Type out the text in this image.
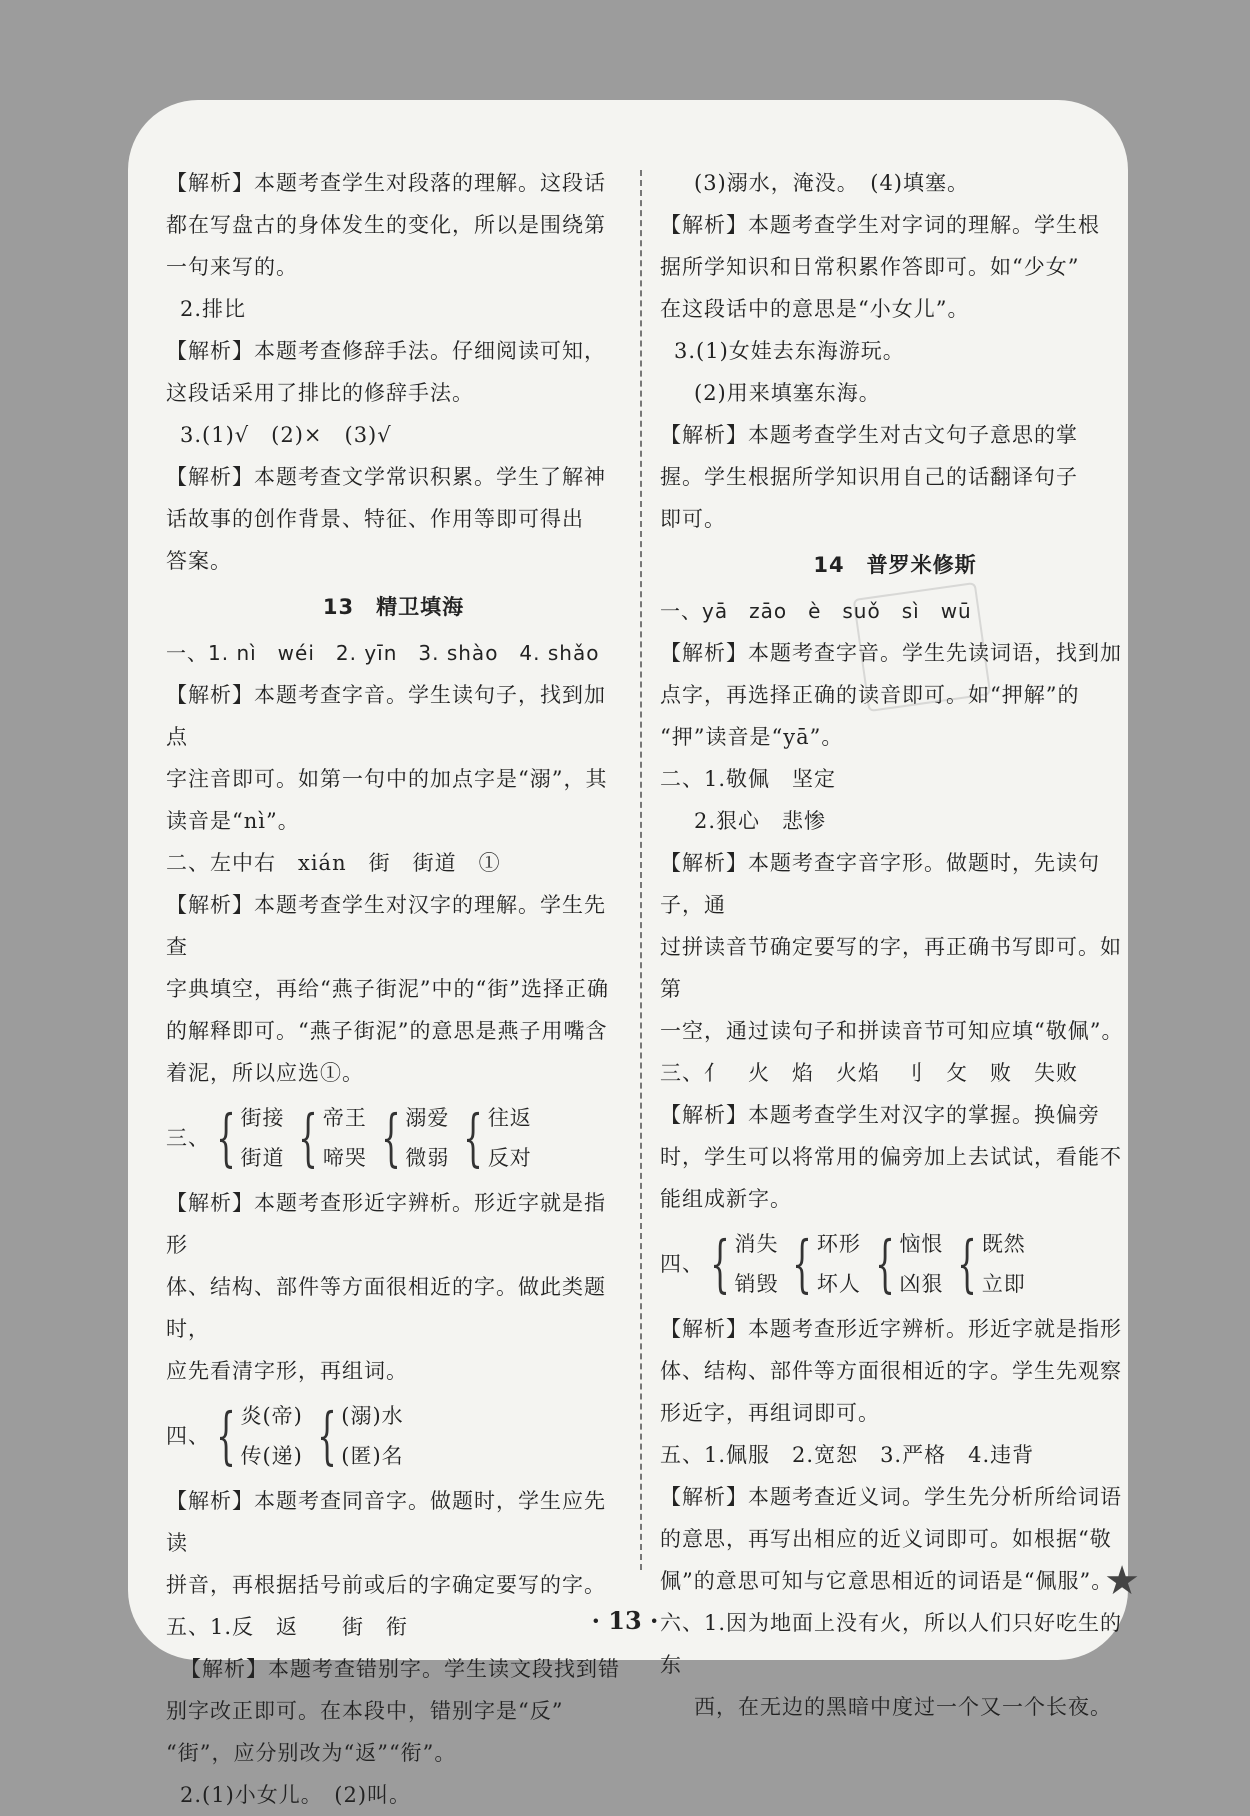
【解析】本题考查学生对段落的理解。这段话

都在写盘古的身体发生的变化，所以是围绕第

一句来写的。

2.排比

【解析】本题考查修辞手法。仔细阅读可知，

这段话采用了排比的修辞手法。

3.(1)√　(2)×　(3)√

【解析】本题考查文学常识积累。学生了解神

话故事的创作背景、特征、作用等即可得出

答案。

13　精卫填海

一、1. nì　wéi　2. yīn　3. shào　4. shǎo

【解析】本题考查字音。学生读句子，找到加点

字注音即可。如第一句中的加点字是“溺”，其

读音是“nì”。

二、左中右　xián　街　街道　①

【解析】本题考查学生对汉字的理解。学生先查

字典填空，再给“燕子街泥”中的“街”选择正确

的解释即可。“燕子街泥”的意思是燕子用嘴含

着泥，所以应选①。

三、 { 街接
街道 { 帝王
啼哭 { 溺爱
微弱 { 往返
反对

【解析】本题考查形近字辨析。形近字就是指形

体、结构、部件等方面很相近的字。做此类题时，

应先看清字形，再组词。

四、 { 炎(帝)
传(递) { (溺)水
(匿)名

【解析】本题考查同音字。做题时，学生应先读

拼音，再根据括号前或后的字确定要写的字。

五、1.反　返　　街　衔

【解析】本题考查错别字。学生读文段找到错

别字改正即可。在本段中，错别字是“反”

“街”，应分别改为“返”“衔”。

2.(1)小女儿。　(2)叫。

(3)溺水，淹没。　(4)填塞。

【解析】本题考查学生对字词的理解。学生根

据所学知识和日常积累作答即可。如“少女”

在这段话中的意思是“小女儿”。

3.(1)女娃去东海游玩。

(2)用来填塞东海。

【解析】本题考查学生对古文句子意思的掌

握。学生根据所学知识用自己的话翻译句子

即可。

14　普罗米修斯

一、yā　zāo　è　suǒ　sì　wū

【解析】本题考查字音。学生先读词语，找到加

点字，再选择正确的读音即可。如“押解”的

“押”读音是“yā”。

二、1.敬佩　坚定

2.狠心　悲惨

【解析】本题考查字音字形。做题时，先读句子，通

过拼读音节确定要写的字，再正确书写即可。如第

一空，通过读句子和拼读音节可知应填“敬佩”。

三、亻　火　焰　火焰　刂　攵　败　失败

【解析】本题考查学生对汉字的掌握。换偏旁

时，学生可以将常用的偏旁加上去试试，看能不

能组成新字。

四、 { 消失
销毁 { 环形
坏人 { 恼恨
凶狠 { 既然
立即

【解析】本题考查形近字辨析。形近字就是指形

体、结构、部件等方面很相近的字。学生先观察

形近字，再组词即可。

五、1.佩服　2.宽恕　3.严格　4.违背

【解析】本题考查近义词。学生先分析所给词语

的意思，再写出相应的近义词即可。如根据“敬

佩”的意思可知与它意思相近的词语是“佩服”。

六、1.因为地面上没有火，所以人们只好吃生的东

西，在无边的黑暗中度过一个又一个长夜。

· 13 ·
★
